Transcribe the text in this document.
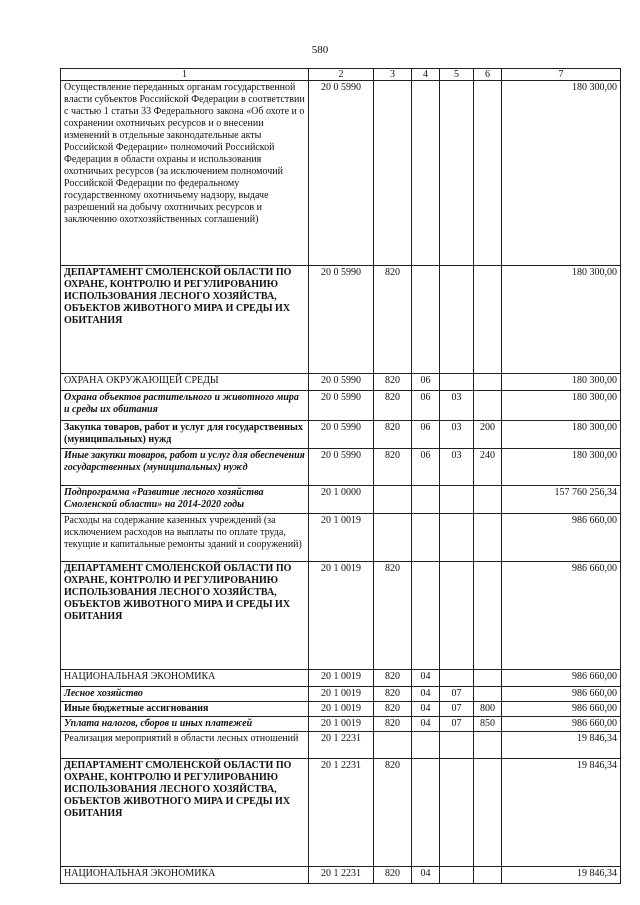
580
1	2	3	4	5	6	7
Осуществление переданных органам государственной власти субъектов Российской Федерации в соответствии с частью 1 статьи 33 Федерального закона «Об охоте и о сохранении охотничьих ресурсов и о внесении изменений в отдельные законодательные акты Российской Федерации» полномочий Российской Федерации в области охраны и использования охотничьих ресурсов (за исключением полномочий Российской Федерации по федеральному государственному охотничьему надзору, выдаче разрешений на добычу охотничьих ресурсов и заключению охотхозяйственных соглашений)	20 0 5990					180 300,00
ДЕПАРТАМЕНТ СМОЛЕНСКОЙ ОБЛАСТИ ПО ОХРАНЕ, КОНТРОЛЮ И РЕГУЛИРОВАНИЮ ИСПОЛЬЗОВАНИЯ ЛЕСНОГО ХОЗЯЙСТВА, ОБЪЕКТОВ ЖИВОТНОГО МИРА И СРЕДЫ ИХ ОБИТАНИЯ	20 0 5990	820				180 300,00
ОХРАНА ОКРУЖАЮЩЕЙ СРЕДЫ	20 0 5990	820	06			180 300,00
Охрана объектов растительного и животного мира и среды их обитания	20 0 5990	820	06	03		180 300,00
Закупка товаров, работ и услуг для государственных (муниципальных) нужд	20 0 5990	820	06	03	200	180 300,00
Иные закупки товаров, работ и услуг для обеспечения государственных (муниципальных) нужд	20 0 5990	820	06	03	240	180 300,00
Подпрограмма «Развитие лесного хозяйства Смоленской области» на 2014-2020 годы	20 1 0000					157 760 256,34
Расходы на содержание казенных учреждений (за исключением расходов на выплаты по оплате труда, текущие и капитальные ремонты зданий и сооружений)	20 1 0019					986 660,00
ДЕПАРТАМЕНТ СМОЛЕНСКОЙ ОБЛАСТИ ПО ОХРАНЕ, КОНТРОЛЮ И РЕГУЛИРОВАНИЮ ИСПОЛЬЗОВАНИЯ ЛЕСНОГО ХОЗЯЙСТВА, ОБЪЕКТОВ ЖИВОТНОГО МИРА И СРЕДЫ ИХ ОБИТАНИЯ	20 1 0019	820				986 660,00
НАЦИОНАЛЬНАЯ ЭКОНОМИКА	20 1 0019	820	04			986 660,00
Лесное хозяйство	20 1 0019	820	04	07		986 660,00
Иные бюджетные ассигнования	20 1 0019	820	04	07	800	986 660,00
Уплата налогов, сборов и иных платежей	20 1 0019	820	04	07	850	986 660,00
Реализация мероприятий в области лесных отношений	20 1 2231					19 846,34
ДЕПАРТАМЕНТ СМОЛЕНСКОЙ ОБЛАСТИ ПО ОХРАНЕ, КОНТРОЛЮ И РЕГУЛИРОВАНИЮ ИСПОЛЬЗОВАНИЯ ЛЕСНОГО ХОЗЯЙСТВА, ОБЪЕКТОВ ЖИВОТНОГО МИРА И СРЕДЫ ИХ ОБИТАНИЯ	20 1 2231	820				19 846,34
НАЦИОНАЛЬНАЯ ЭКОНОМИКА	20 1 2231	820	04			19 846,34
